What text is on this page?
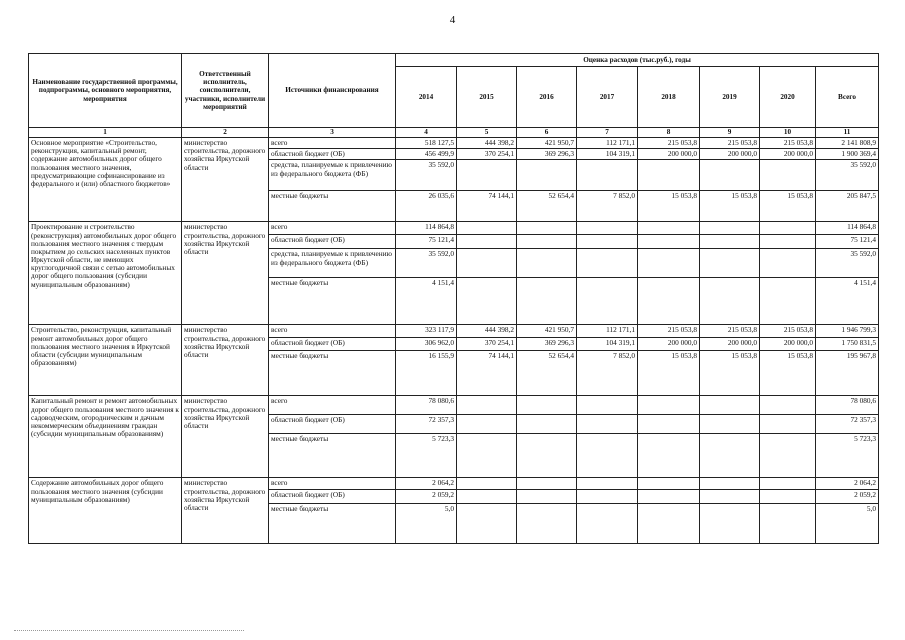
4
Наименование государственной программы, подпрограммы, основного мероприятия, мероприятия	Ответственный исполнитель, соисполнители, участники, исполнители мероприятий	Источники финансирования	Оценка расходов (тыс.руб.), годы							
			2014	2015	2016	2017	2018	2019	2020	Всего
1	2	3	4	5	6	7	8	9	10	11
Основное мероприятие «Строительство, реконструкция, капитальный ремонт, содержание автомобильных дорог общего пользования местного значения, предусматривающие софинансирование из федерального и (или) областного бюджетов»	министерство строительства, дорожного хозяйства Иркутской области	всего	518 127,5	444 398,2	421 950,7	112 171,1	215 053,8	215 053,8	215 053,8	2 141 808,9
		областной бюджет (ОБ)	456 499,9	370 254,1	369 296,3	104 319,1	200 000,0	200 000,0	200 000,0	1 900 369,4
		средства, планируемые к привлечению из федерального бюджета (ФБ)	35 592,0							35 592,0
		местные бюджеты	26 035,6	74 144,1	52 654,4	7 852,0	15 053,8	15 053,8	15 053,8	205 847,5
Проектирование и строительство (реконструкция) автомобильных дорог общего пользования местного значения с твердым покрытием до сельских населенных пунктов Иркутской области, не имеющих круглогодичной связи с сетью автомобильных дорог общего пользования (субсидии муниципальным образованиям)	министерство строительства, дорожного хозяйства Иркутской области	всего	114 864,8							114 864,8
		областной бюджет (ОБ)	75 121,4							75 121,4
		средства, планируемые к привлечению из федерального бюджета (ФБ)	35 592,0							35 592,0
		местные бюджеты	4 151,4							4 151,4
Строительство, реконструкция, капитальный ремонт автомобильных дорог общего пользования местного значения в Иркутской области (субсидии муниципальным образованиям)	министерство строительства, дорожного хозяйства Иркутской области	всего	323 117,9	444 398,2	421 950,7	112 171,1	215 053,8	215 053,8	215 053,8	1 946 799,3
		областной бюджет (ОБ)	306 962,0	370 254,1	369 296,3	104 319,1	200 000,0	200 000,0	200 000,0	1 750 831,5
		местные бюджеты	16 155,9	74 144,1	52 654,4	7 852,0	15 053,8	15 053,8	15 053,8	195 967,8
Капитальный ремонт и ремонт автомобильных дорог общего пользования местного значения к садоводческим, огородническим и дачным некоммерческим объединениям граждан (субсидии муниципальным образованиям)	министерство строительства, дорожного хозяйства Иркутской области	всего	78 080,6							78 080,6
		областной бюджет (ОБ)	72 357,3							72 357,3
		местные бюджеты	5 723,3							5 723,3
Содержание автомобильных дорог общего пользования местного значения (субсидии муниципальным образованиям)	министерство строительства, дорожного хозяйства Иркутской области	всего	2 064,2							2 064,2
		областной бюджет (ОБ)	2 059,2							2 059,2
		местные бюджеты	5,0							5,0
